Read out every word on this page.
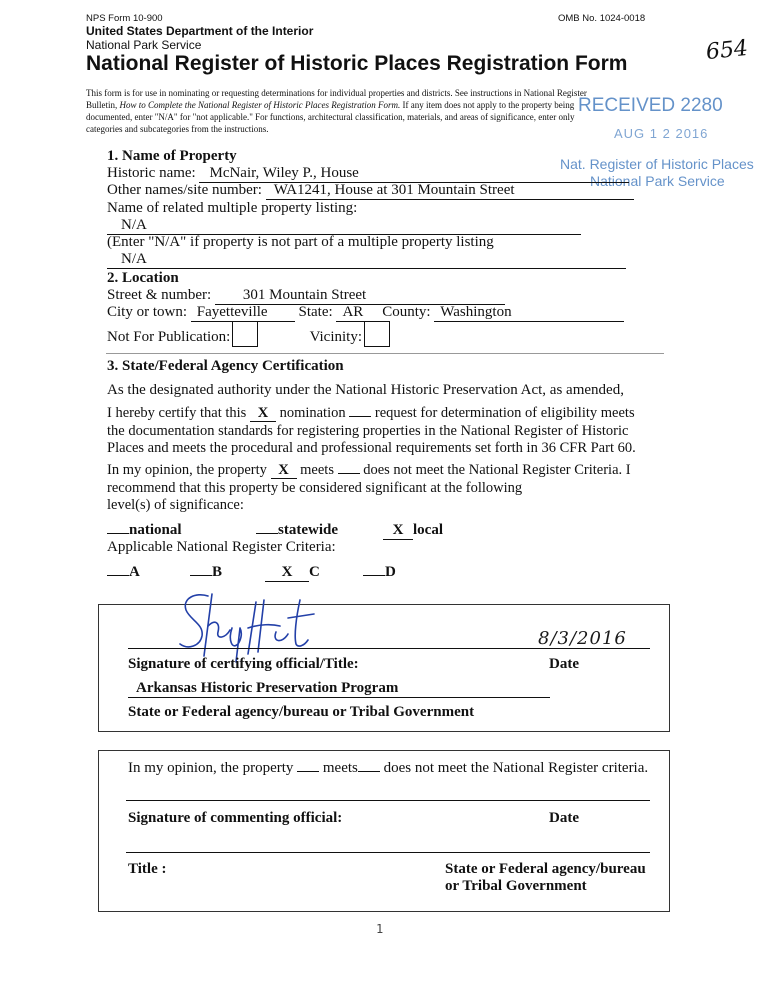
NPS Form 10-900	OMB No. 1024-0018
United States Department of the Interior
National Park Service
National Register of Historic Places Registration Form	654
This form is for use in nominating or requesting determinations for individual properties and districts. See instructions in National Register
Bulletin, How to Complete the National Register of Historic Places Registration Form. If any item does not apply to the property being
documented, enter "N/A" for "not applicable." For functions, architectural classification, materials, and areas of significance, enter only
categories and subcategories from the instructions.
RECEIVED 2280
AUG 1 2 2016
Nat. Register of Historic Places
National Park Service
1. Name of Property
Historic name: McNair, Wiley P., House
Other names/site number: WA1241, House at 301 Mountain Street
Name of related multiple property listing:
N/A
(Enter "N/A" if property is not part of a multiple property listing
N/A
2. Location
Street & number: 301 Mountain Street
City or town: Fayetteville State: AR County: Washington
Not For Publication:	Vicinity:
3. State/Federal Agency Certification
As the designated authority under the National Historic Preservation Act, as amended,
I hereby certify that this X nomination request for determination of eligibility meets
the documentation standards for registering properties in the National Register of Historic
Places and meets the procedural and professional requirements set forth in 36 CFR Part 60.
In my opinion, the property X meets does not meet the National Register Criteria. I
recommend that this property be considered significant at the following
level(s) of significance:
national	statewide	X local
Applicable National Register Criteria:
A	B	X C	D
8/3/2016
Signature of certifying official/Title:	Date
Arkansas Historic Preservation Program
State or Federal agency/bureau or Tribal Government
In my opinion, the property meets does not meet the National Register criteria.
Signature of commenting official:	Date
Title :	State or Federal agency/bureau
or Tribal Government
1
